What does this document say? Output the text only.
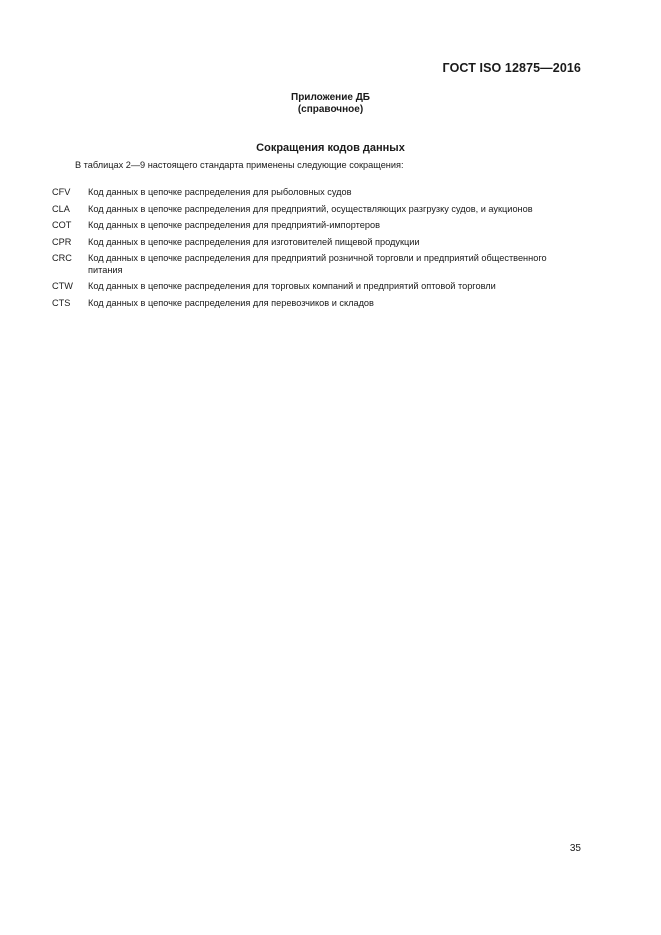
ГОСТ ISO 12875—2016
Приложение ДБ
(справочное)
Сокращения кодов данных
В таблицах 2—9 настоящего стандарта применены следующие сокращения:
CFV	Код данных в цепочке распределения для рыболовных судов
CLA	Код данных в цепочке распределения для предприятий, осуществляющих разгрузку судов, и аукционов
COT	Код данных в цепочке распределения для предприятий-импортеров
CPR	Код данных в цепочке распределения для изготовителей пищевой продукции
CRC	Код данных в цепочке распределения для предприятий розничной торговли и предприятий общественного питания
CTW	Код данных в цепочке распределения для торговых компаний и предприятий оптовой торговли
CTS	Код данных в цепочке распределения для перевозчиков и складов
35
